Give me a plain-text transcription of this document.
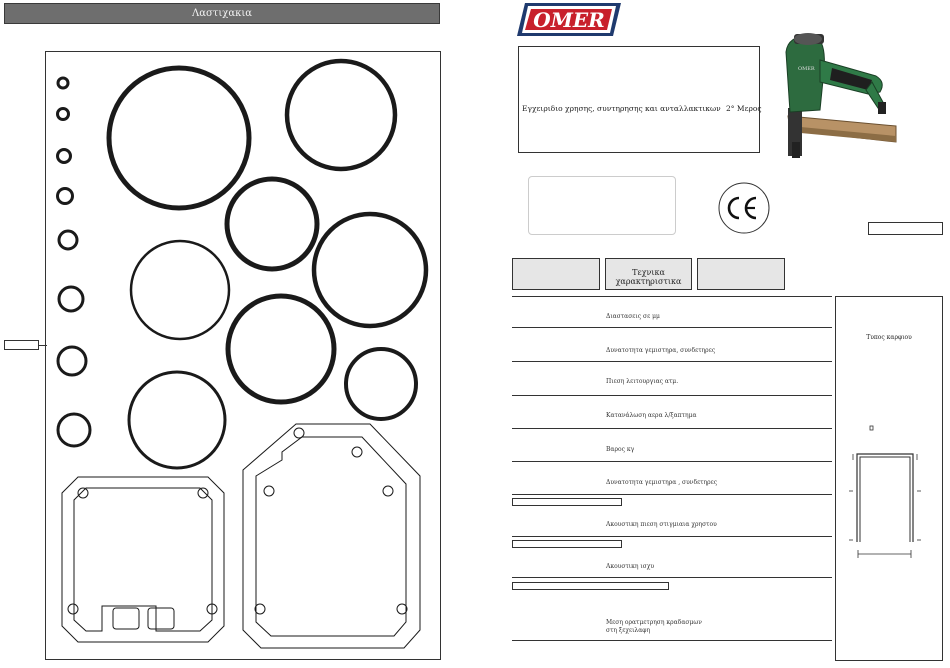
Λαστιχακια	OMER
Εγχειριδιο χρησης, συντηρησης και ανταλλακτικων 2° Μερος
OMER
Τεχνικα χαρακτηριστικα
Διαστασεις σε μμ
Δυνατοτητα γεμιστηρα, συνδετηρες
Πιεση λειτουργιας ατμ.
Κατανάλωση αερα λ/ξαπτημα
Βαρος κγ
Δυνατοτητα γεμιστηρα , συνδετηρες
Ακουστικη πιεση στιγμιαια χρηστου
Ακουστικη ισχυ
Μεση ορατμετρηση κραδασμων
στη ξεχειλαφη
Τυπος καρφιου
